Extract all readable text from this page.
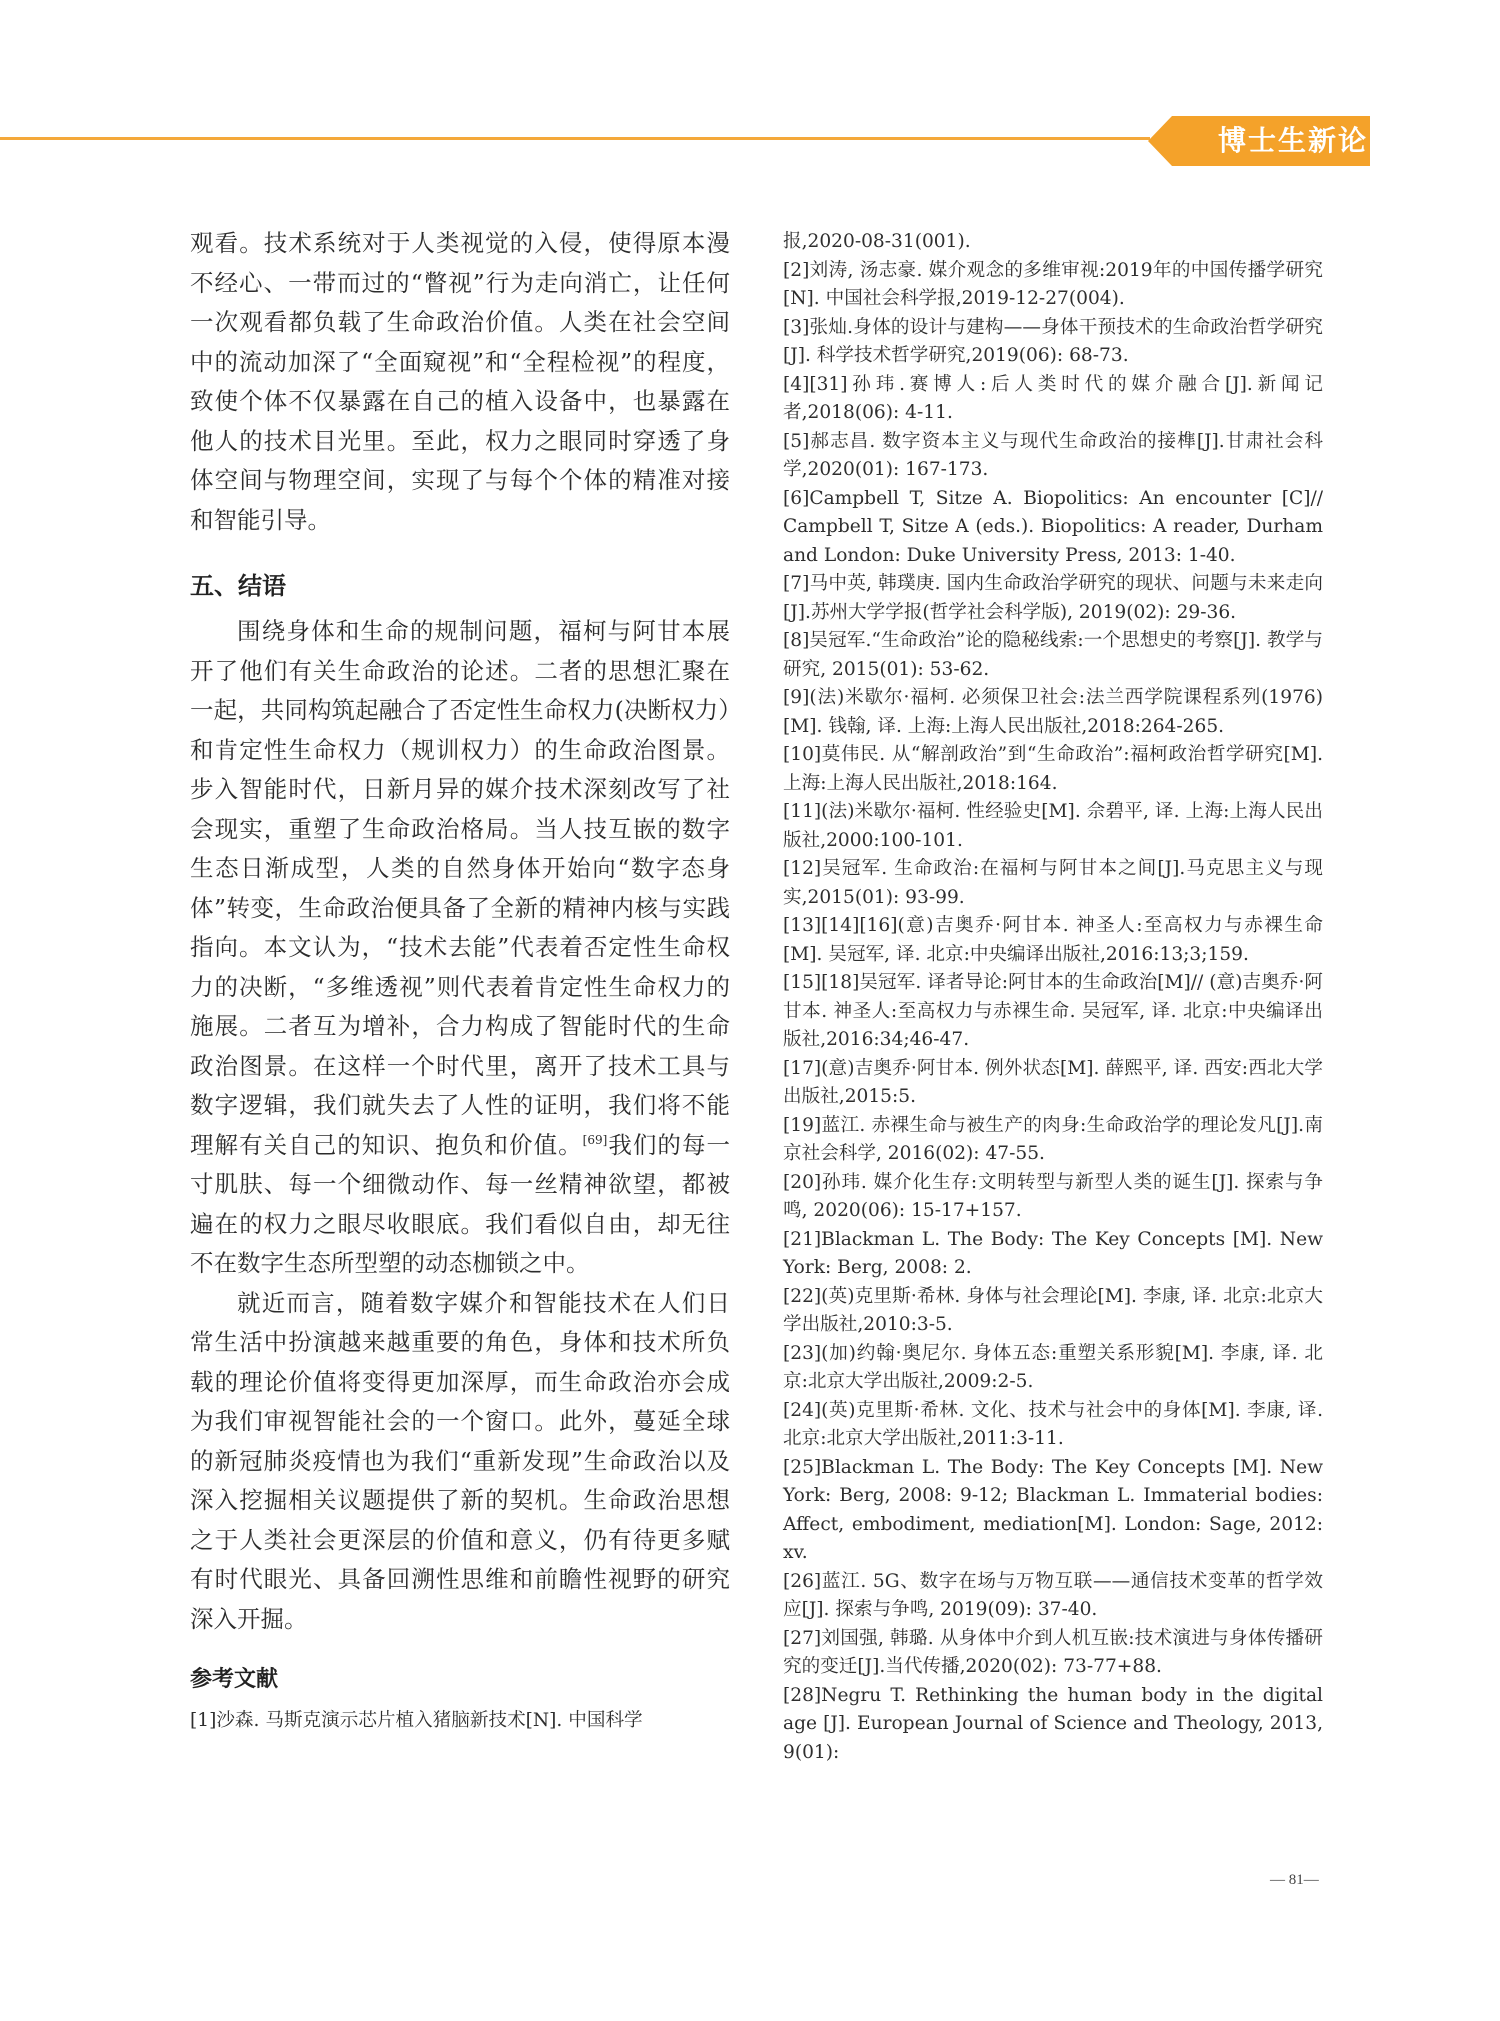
博士生新论

观看。技术系统对于人类视觉的入侵，使得原本漫不经心、一带而过的“瞥视”行为走向消亡，让任何一次观看都负载了生命政治价值。人类在社会空间中的流动加深了“全面窥视”和“全程检视”的程度，致使个体不仅暴露在自己的植入设备中，也暴露在他人的技术目光里。至此，权力之眼同时穿透了身体空间与物理空间，实现了与每个个体的精准对接和智能引导。

五、结语

围绕身体和生命的规制问题，福柯与阿甘本展开了他们有关生命政治的论述。二者的思想汇聚在一起，共同构筑起融合了否定性生命权力(决断权力）和肯定性生命权力（规训权力）的生命政治图景。步入智能时代，日新月异的媒介技术深刻改写了社会现实，重塑了生命政治格局。当人技互嵌的数字生态日渐成型，人类的自然身体开始向“数字态身体”转变，生命政治便具备了全新的精神内核与实践指向。本文认为，“技术去能”代表着否定性生命权力的决断，“多维透视”则代表着肯定性生命权力的施展。二者互为增补，合力构成了智能时代的生命政治图景。在这样一个时代里，离开了技术工具与数字逻辑，我们就失去了人性的证明，我们将不能理解有关自己的知识、抱负和价值。[69]我们的每一寸肌肤、每一个细微动作、每一丝精神欲望，都被遍在的权力之眼尽收眼底。我们看似自由，却无往不在数字生态所型塑的动态枷锁之中。

就近而言，随着数字媒介和智能技术在人们日常生活中扮演越来越重要的角色，身体和技术所负载的理论价值将变得更加深厚，而生命政治亦会成为我们审视智能社会的一个窗口。此外，蔓延全球的新冠肺炎疫情也为我们“重新发现”生命政治以及深入挖掘相关议题提供了新的契机。生命政治思想之于人类社会更深层的价值和意义，仍有待更多赋有时代眼光、具备回溯性思维和前瞻性视野的研究深入开掘。

参考文献

[1]沙森. 马斯克演示芯片植入猪脑新技术[N]. 中国科学

报,2020-08-31(001).

[2]刘涛, 汤志豪. 媒介观念的多维审视:2019年的中国传播学研究[N]. 中国社会科学报,2019-12-27(004).

[3]张灿.身体的设计与建构——身体干预技术的生命政治哲学研究[J]. 科学技术哲学研究,2019(06): 68-73.

[4][31]孙玮.赛博人:后人类时代的媒介融合[J].新闻记者,2018(06): 4-11.

[5]郝志昌. 数字资本主义与现代生命政治的接榫[J].甘肃社会科学,2020(01): 167-173.

[6]Campbell T, Sitze A. Biopolitics: An encounter [C]// Campbell T, Sitze A (eds.). Biopolitics: A reader, Durham and London: Duke University Press, 2013: 1-40.

[7]马中英, 韩璞庚. 国内生命政治学研究的现状、问题与未来走向[J].苏州大学学报(哲学社会科学版), 2019(02): 29-36.

[8]吴冠军.“生命政治”论的隐秘线索:一个思想史的考察[J]. 教学与研究, 2015(01): 53-62.

[9](法)米歇尔·福柯. 必须保卫社会:法兰西学院课程系列(1976)[M]. 钱翰, 译. 上海:上海人民出版社,2018:264-265.

[10]莫伟民. 从“解剖政治”到“生命政治”:福柯政治哲学研究[M]. 上海:上海人民出版社,2018:164.

[11](法)米歇尔·福柯. 性经验史[M]. 佘碧平, 译. 上海:上海人民出版社,2000:100-101.

[12]吴冠军. 生命政治:在福柯与阿甘本之间[J].马克思主义与现实,2015(01): 93-99.

[13][14][16](意)吉奥乔·阿甘本. 神圣人:至高权力与赤裸生命[M]. 吴冠军, 译. 北京:中央编译出版社,2016:13;3;159.

[15][18]吴冠军. 译者导论:阿甘本的生命政治[M]// (意)吉奥乔·阿甘本. 神圣人:至高权力与赤裸生命. 吴冠军, 译. 北京:中央编译出版社,2016:34;46-47.

[17](意)吉奥乔·阿甘本. 例外状态[M]. 薛熙平, 译. 西安:西北大学出版社,2015:5.

[19]蓝江. 赤裸生命与被生产的肉身:生命政治学的理论发凡[J].南京社会科学, 2016(02): 47-55.

[20]孙玮. 媒介化生存:文明转型与新型人类的诞生[J]. 探索与争鸣, 2020(06): 15-17+157.

[21]Blackman L. The Body: The Key Concepts [M]. New York: Berg, 2008: 2.

[22](英)克里斯·希林. 身体与社会理论[M]. 李康, 译. 北京:北京大学出版社,2010:3-5.

[23](加)约翰·奥尼尔. 身体五态:重塑关系形貌[M]. 李康, 译. 北京:北京大学出版社,2009:2-5.

[24](英)克里斯·希林. 文化、技术与社会中的身体[M]. 李康, 译. 北京:北京大学出版社,2011:3-11.

[25]Blackman L. The Body: The Key Concepts [M]. New York: Berg, 2008: 9-12; Blackman L. Immaterial bodies: Affect, embodiment, mediation[M]. London: Sage, 2012: xv.

[26]蓝江. 5G、数字在场与万物互联——通信技术变革的哲学效应[J]. 探索与争鸣, 2019(09): 37-40.

[27]刘国强, 韩璐. 从身体中介到人机互嵌:技术演进与身体传播研究的变迁[J].当代传播,2020(02): 73-77+88.

[28]Negru T. Rethinking the human body in the digital age [J]. European Journal of Science and Theology, 2013, 9(01):

— 81—
